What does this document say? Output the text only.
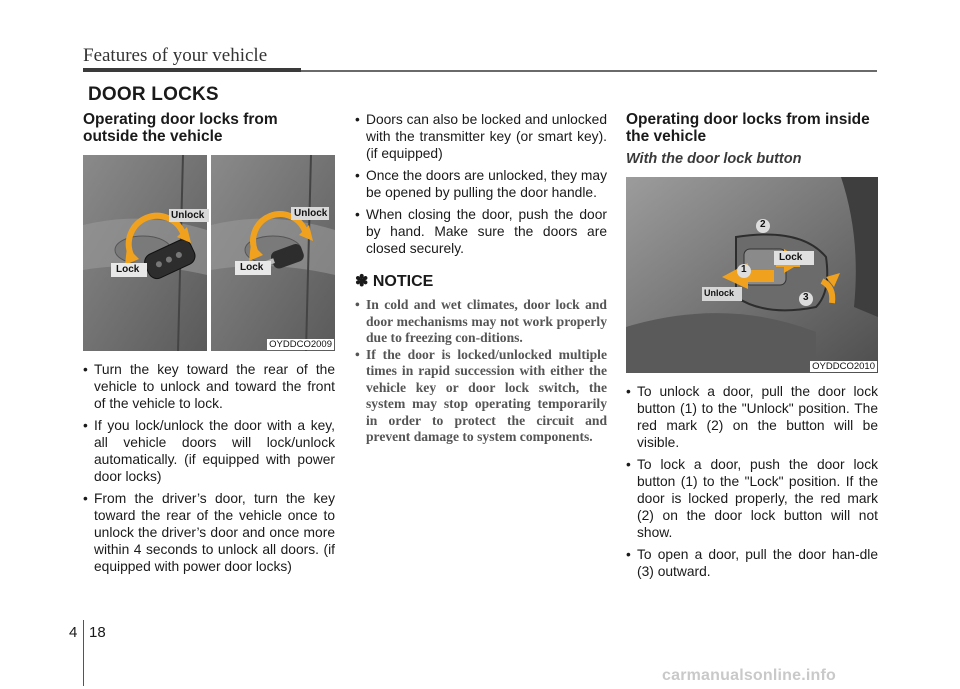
Features of your vehicle
DOOR LOCKS
Operating door locks from outside the vehicle
Unlock
Lock
Unlock
Lock
OYDDCO2009
• Turn the key toward the rear of the vehicle to unlock and toward the front of the vehicle to lock.
• If you lock/unlock the door with a key, all vehicle doors will lock/unlock automatically. (if equipped with power door locks)
• From the driver’s door, turn the key toward the rear of the vehicle once to unlock the driver’s door and once more within 4 seconds to unlock all doors. (if equipped with power door locks)
• Doors can also be locked and unlocked with the transmitter key (or smart key). (if equipped)
• Once the doors are unlocked, they may be opened by pulling the door handle.
• When closing the door, push the door by hand. Make sure the doors are closed securely.
✽ NOTICE
• In cold and wet climates, door lock and door mechanisms may not work properly due to freezing con-ditions.
• If the door is locked/unlocked multiple times in rapid succession with either the vehicle key or door lock switch, the system may stop operating temporarily in order to protect the circuit and prevent damage to system components.
Operating door locks from inside the vehicle
With the door lock button
Lock
Unlock
1
2
3
OYDDCO2010
• To unlock a door, pull the door lock button (1) to the "Unlock" position. The red mark (2) on the button will be visible.
• To lock a door, push the door lock button (1) to the "Lock" position. If the door is locked properly, the red mark (2) on the door lock button will not show.
• To open a door, pull the door han-dle (3) outward.
4 18
carmanualsonline.info
